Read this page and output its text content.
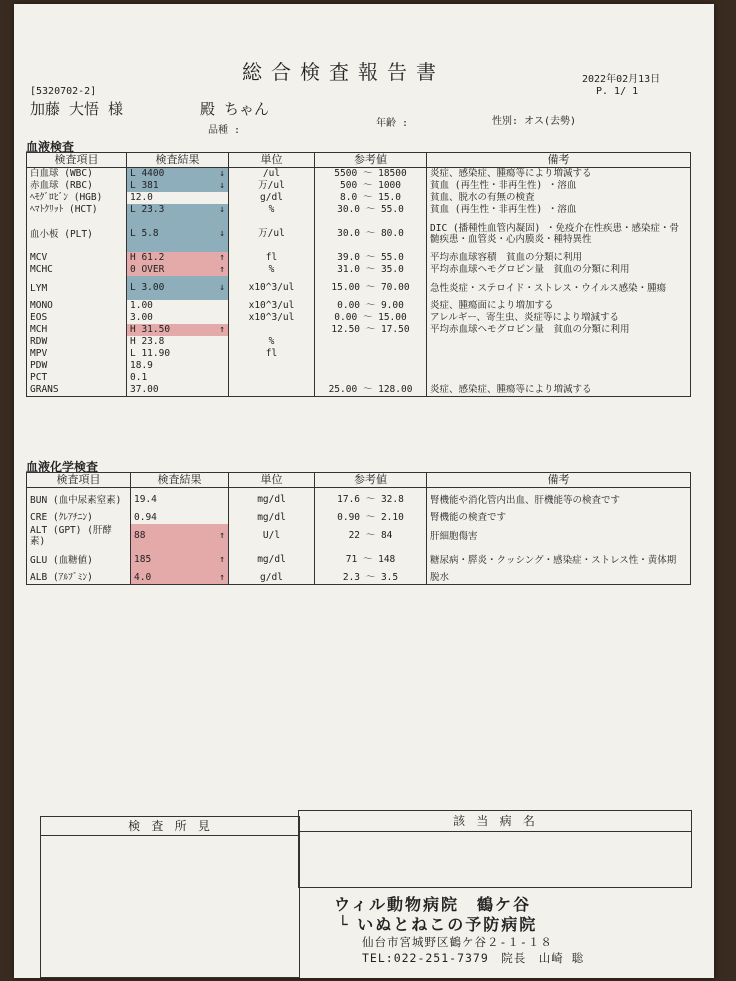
総合検査報告書	2022年02月13日
P. 1/ 1
[5320702-2]
加藤 大悟 様	殿 ちゃん
品種 :
年齢 :	性別: オス(去勢)
血液検査
検査項目	検査結果	単位	参考値	備考
白血球 (WBC)	L 4400 ↓	/ul	5500 ～ 18500	炎症、感染症、腫瘍等により増減する
赤血球 (RBC)	L 381 ↓	万/ul	500 ～ 1000	貧血 (再生性・非再生性) ・溶血
ﾍﾓｸﾞﾛﾋﾞﾝ (HGB)	12.0	g/dl	8.0 ～ 15.0	貧血、脱水の有無の検査
ﾍﾏﾄｸﾘｯﾄ (HCT)	L 23.3 ↓	%	30.0 ～ 55.0	貧血 (再生性・非再生性) ・溶血
血小板 (PLT)	L 5.8 ↓	万/ul	30.0 ～ 80.0	DIC (播種性血管内凝固) ・免疫介在性疾患・感染症・骨髄疾患・血管炎・心内膜炎・種特異性
MCV	H 61.2 ↑	fl	39.0 ～ 55.0	平均赤血球容積　貧血の分類に利用
MCHC	0 OVER ↑	%	31.0 ～ 35.0	平均赤血球ヘモグロビン量　貧血の分類に利用
LYM	L 3.00 ↓	x10^3/ul	15.00 ～ 70.00	急性炎症・ステロイド・ストレス・ウイルス感染・腫瘍
MONO	1.00	x10^3/ul	0.00 ～ 9.00	炎症、腫瘍面により増加する
EOS	3.00	x10^3/ul	0.00 ～ 15.00	アレルギー、寄生虫、炎症等により増減する
MCH	H 31.50 ↑		12.50 ～ 17.50	平均赤血球ヘモグロビン量　貧血の分類に利用
RDW	H 23.8	%		
MPV	L 11.90	fl		
PDW	18.9			

PCT	0.1			

GRANS	37.00		25.00 ～ 128.00	炎症、感染症、腫瘍等により増減する
血液化学検査
検査項目	検査結果	単位	参考値	備考
BUN (血中尿素窒素)	19.4	mg/dl	17.6 ～ 32.8	腎機能や消化管内出血、肝機能等の検査です
CRE (ｸﾚｱﾁﾆﾝ)	0.94	mg/dl	0.90 ～ 2.10	腎機能の検査です
ALT (GPT) (肝酵素)	88 ↑	U/l	22 ～ 84	肝細胞傷害
GLU (血糖値)	185 ↑	mg/dl	71 ～ 148	糖尿病・膵炎・クッシング・感染症・ストレス性・黄体期
ALB (ｱﾙﾌﾞﾐﾝ)	4.0 ↑	g/dl	2.3 ～ 3.5	脱水
検 査 所 見	該 当 病 名
ウィル動物病院　鶴ケ谷
└ いぬとねこの予防病院
仙台市宮城野区鶴ケ谷２-１-１８
TEL:022-251-7379　院長　山崎 聡
